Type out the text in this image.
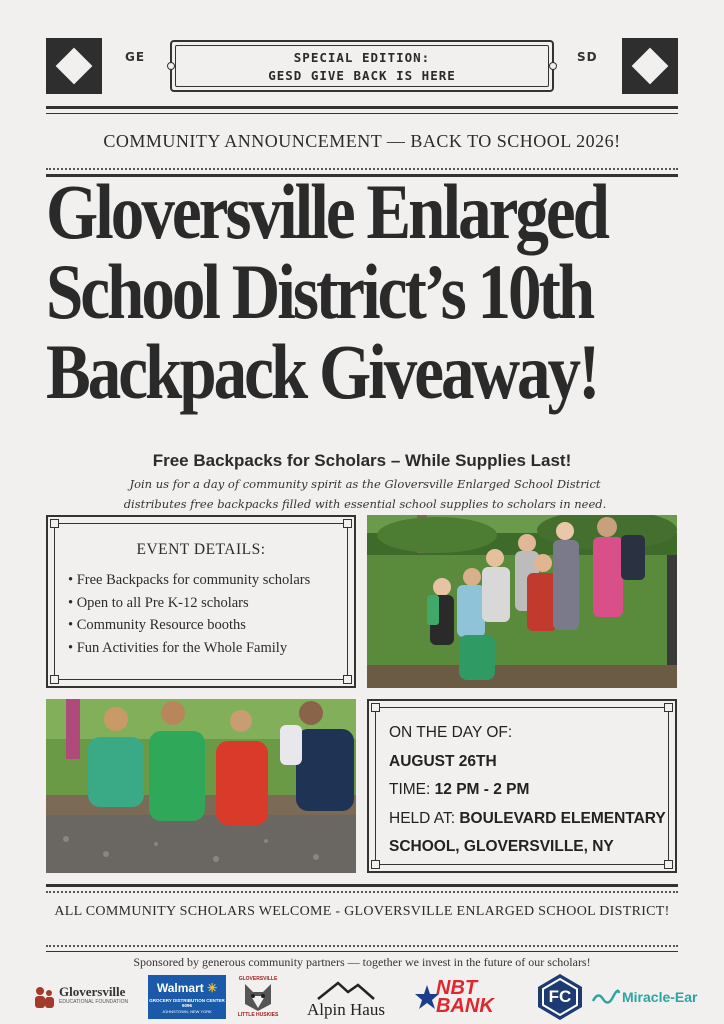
GE	SD
SPECIAL EDITION:
GESD GIVE BACK IS HERE
COMMUNITY ANNOUNCEMENT — BACK TO SCHOOL 2026!
Gloversville Enlarged
School District’s 10th
Backpack Giveaway!
Free Backpacks for Scholars – While Supplies Last!
Join us for a day of community spirit as the Gloversville Enlarged School District distributes free backpacks filled with essential school supplies to scholars in need.
EVENT DETAILS:
• Free Backpacks for community scholars
• Open to all Pre K-12 scholars
• Community Resource booths
• Fun Activities for the Whole Family
ON THE DAY OF:
AUGUST 26TH
TIME: 12 PM - 2 PM
HELD AT: BOULEVARD ELEMENTARY
SCHOOL, GLOVERSVILLE, NY
ALL COMMUNITY SCHOLARS WELCOME - GLOVERSVILLE ENLARGED SCHOOL DISTRICT!
Sponsored by generous community partners — together we invest in the future of our scholars!
Gloversville
EDUCATIONAL FOUNDATION
Walmart ✳
GROCERY DISTRIBUTION CENTER 6096
JOHNSTOWN, NEW YORK
GLOVERSVILLE
LITTLE HUSKIES Alpin Haus
NBT
BANK	FC	Miracle-Ear
